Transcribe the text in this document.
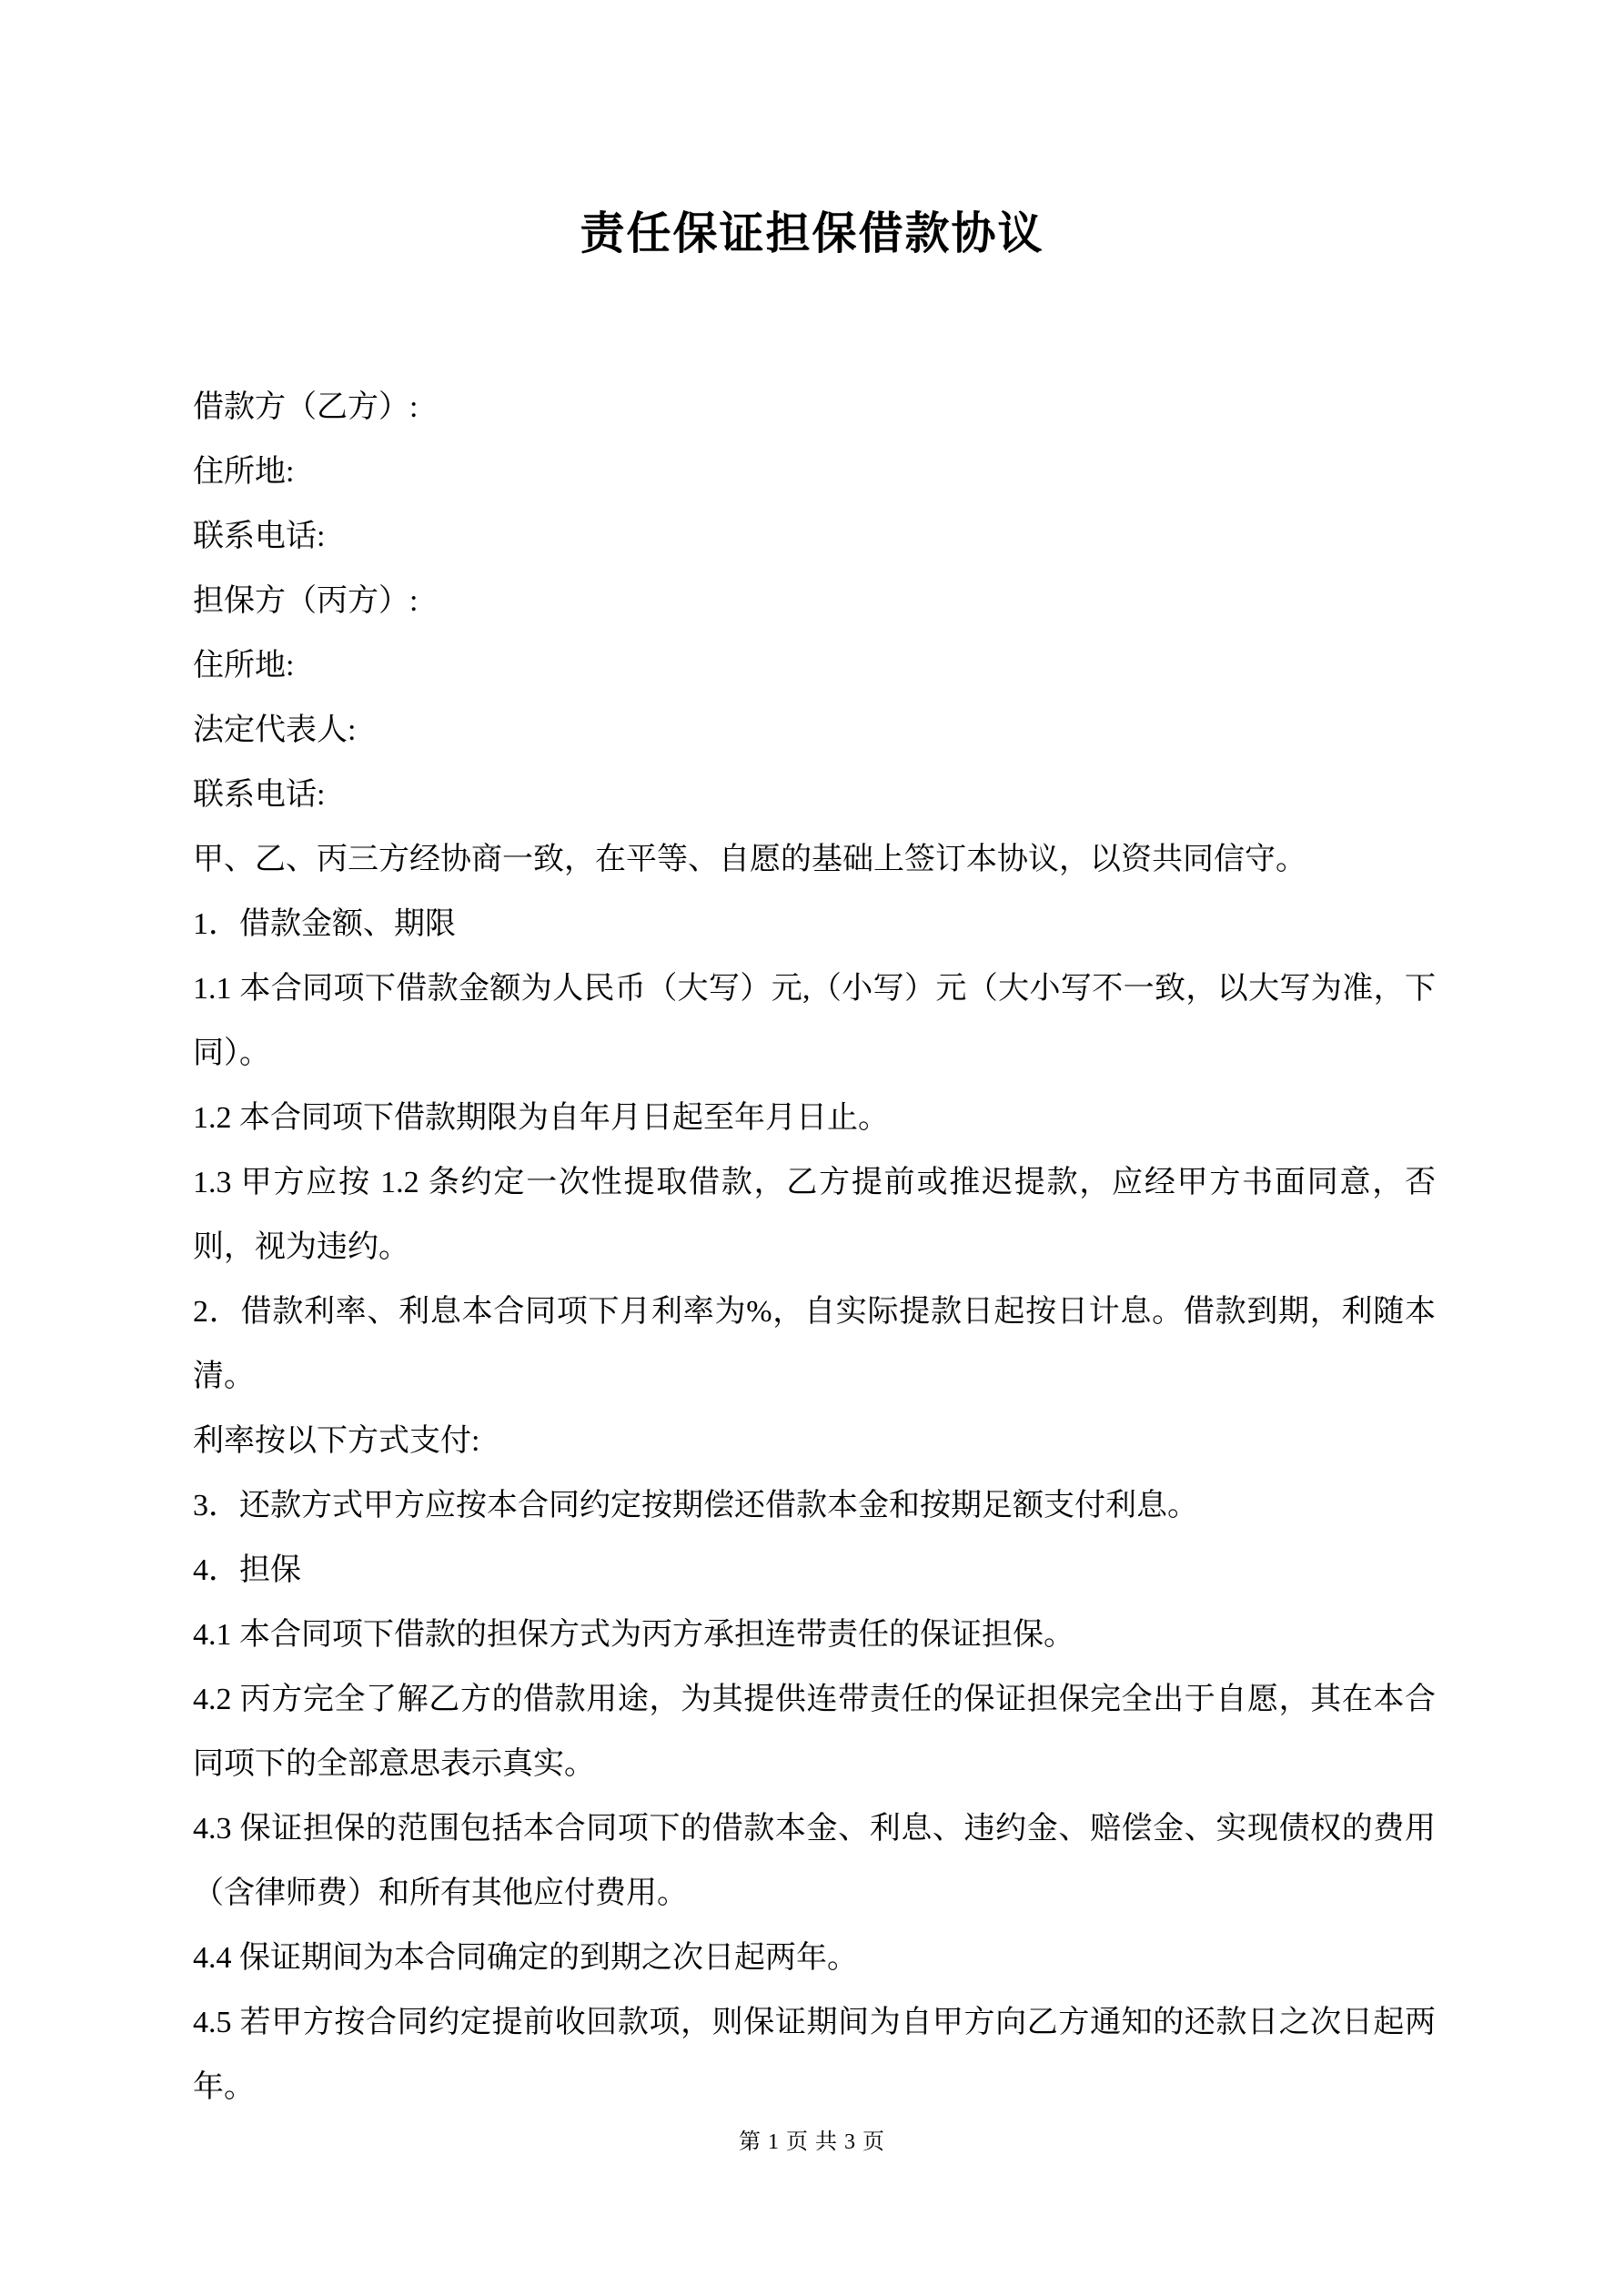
责任保证担保借款协议

借款方（乙方）:

住所地:

联系电话:

担保方（丙方）:

住所地:

法定代表人:

联系电话:

甲、乙、丙三方经协商一致，在平等、自愿的基础上签订本协议，以资共同信守。

1．借款金额、期限

1.1 本合同项下借款金额为人民币（大写）元,（小写）元（大小写不一致，以大写为准，下同）。

1.2 本合同项下借款期限为自年月日起至年月日止。

1.3 甲方应按 1.2 条约定一次性提取借款，乙方提前或推迟提款，应经甲方书面同意，否则，视为违约。

2．借款利率、利息本合同项下月利率为%，自实际提款日起按日计息。借款到期，利随本清。

利率按以下方式支付:

3．还款方式甲方应按本合同约定按期偿还借款本金和按期足额支付利息。

4．担保

4.1 本合同项下借款的担保方式为丙方承担连带责任的保证担保。

4.2 丙方完全了解乙方的借款用途，为其提供连带责任的保证担保完全出于自愿，其在本合同项下的全部意思表示真实。

4.3 保证担保的范围包括本合同项下的借款本金、利息、违约金、赔偿金、实现债权的费用（含律师费）和所有其他应付费用。

4.4 保证期间为本合同确定的到期之次日起两年。

4.5 若甲方按合同约定提前收回款项，则保证期间为自甲方向乙方通知的还款日之次日起两年。

第 1 页 共 3 页
